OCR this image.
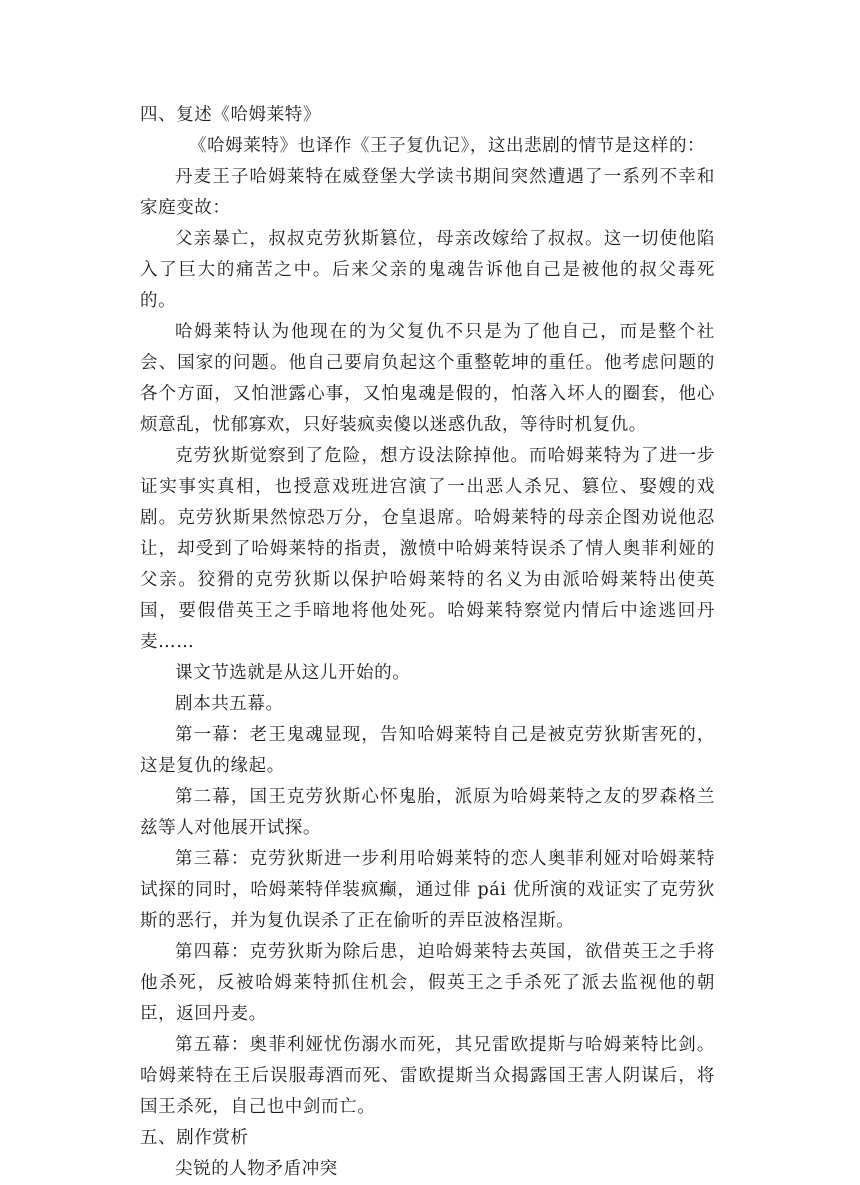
四、复述《哈姆莱特》
《哈姆莱特》也译作《王子复仇记》，这出悲剧的情节是这样的：
丹麦王子哈姆莱特在威登堡大学读书期间突然遭遇了一系列不幸和家庭变故：
父亲暴亡，叔叔克劳狄斯篡位，母亲改嫁给了叔叔。这一切使他陷入了巨大的痛苦之中。后来父亲的鬼魂告诉他自己是被他的叔父毒死的。
哈姆莱特认为他现在的为父复仇不只是为了他自己，而是整个社会、国家的问题。他自己要肩负起这个重整乾坤的重任。他考虑问题的各个方面，又怕泄露心事，又怕鬼魂是假的，怕落入坏人的圈套，他心烦意乱，忧郁寡欢，只好装疯卖傻以迷惑仇敌，等待时机复仇。
克劳狄斯觉察到了危险，想方设法除掉他。而哈姆莱特为了进一步证实事实真相，也授意戏班进宫演了一出恶人杀兄、篡位、娶嫂的戏剧。克劳狄斯果然惊恐万分，仓皇退席。哈姆莱特的母亲企图劝说他忍让，却受到了哈姆莱特的指责，激愤中哈姆莱特误杀了情人奥菲利娅的父亲。狡猾的克劳狄斯以保护哈姆莱特的名义为由派哈姆莱特出使英国，要假借英王之手暗地将他处死。哈姆莱特察觉内情后中途逃回丹麦……
课文节选就是从这儿开始的。
剧本共五幕。
第一幕：老王鬼魂显现，告知哈姆莱特自己是被克劳狄斯害死的，这是复仇的缘起。
第二幕，国王克劳狄斯心怀鬼胎，派原为哈姆莱特之友的罗森格兰兹等人对他展开试探。
第三幕：克劳狄斯进一步利用哈姆莱特的恋人奥菲利娅对哈姆莱特试探的同时，哈姆莱特佯装疯癫，通过俳 pái 优所演的戏证实了克劳狄斯的恶行，并为复仇误杀了正在偷听的弄臣波格涅斯。
第四幕：克劳狄斯为除后患，迫哈姆莱特去英国，欲借英王之手将他杀死，反被哈姆莱特抓住机会，假英王之手杀死了派去监视他的朝臣，返回丹麦。
第五幕：奥菲利娅忧伤溺水而死，其兄雷欧提斯与哈姆莱特比剑。哈姆莱特在王后误服毒酒而死、雷欧提斯当众揭露国王害人阴谋后，将国王杀死，自己也中剑而亡。
五、剧作赏析
尖锐的人物矛盾冲突
